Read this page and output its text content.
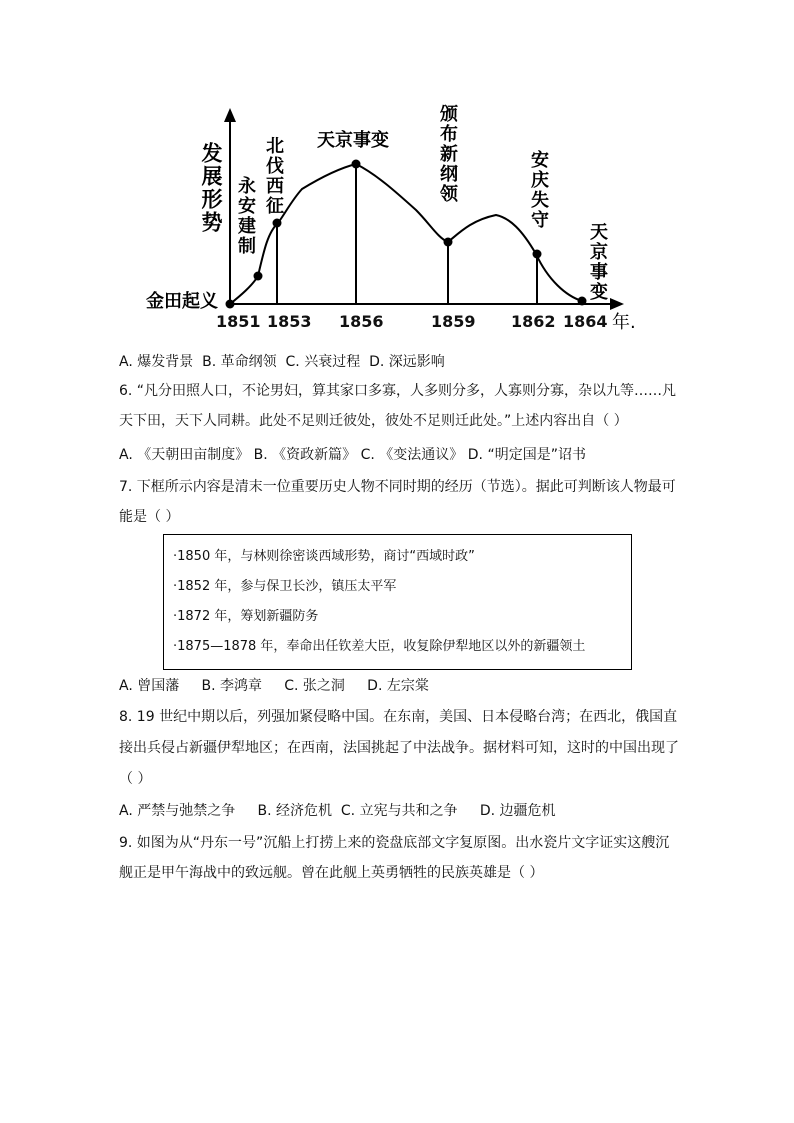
发展形势 永安建制 北伐西征 天京事变	颁布新纲领	安庆失守
天京事变
金田起义
1851 1853 1856	1859 1862 1864 年.
A. 爆发背景  B. 革命纲领  C. 兴衰过程  D. 深远影响
6. “凡分田照人口，不论男妇，算其家口多寡，人多则分多，人寡则分寡，杂以九等……凡
天下田，天下人同耕。此处不足则迁彼处，彼处不足则迁此处。”上述内容出自（ ）
A. 《天朝田亩制度》 B. 《资政新篇》 C. 《变法通议》 D. “明定国是”诏书
7. 下框所示内容是清末一位重要历史人物不同时期的经历（节选）。据此可判断该人物最可
能是（ ）
·1850 年，与林则徐密谈西域形势，商讨“西域时政”
·1852 年，参与保卫长沙，镇压太平军
·1872 年，筹划新疆防务
·1875—1878 年，奉命出任钦差大臣，收复除伊犁地区以外的新疆领土
A. 曾国藩     B. 李鸿章     C. 张之洞     D. 左宗棠
8. 19 世纪中期以后，列强加紧侵略中国。在东南，美国、日本侵略台湾；在西北，俄国直
接出兵侵占新疆伊犁地区；在西南，法国挑起了中法战争。据材料可知，这时的中国出现了
（ ）
A. 严禁与弛禁之争     B. 经济危机  C. 立宪与共和之争     D. 边疆危机
9. 如图为从“丹东一号”沉船上打捞上来的瓷盘底部文字复原图。出水瓷片文字证实这艘沉
舰正是甲午海战中的致远舰。曾在此舰上英勇牺牲的民族英雄是（ ）
